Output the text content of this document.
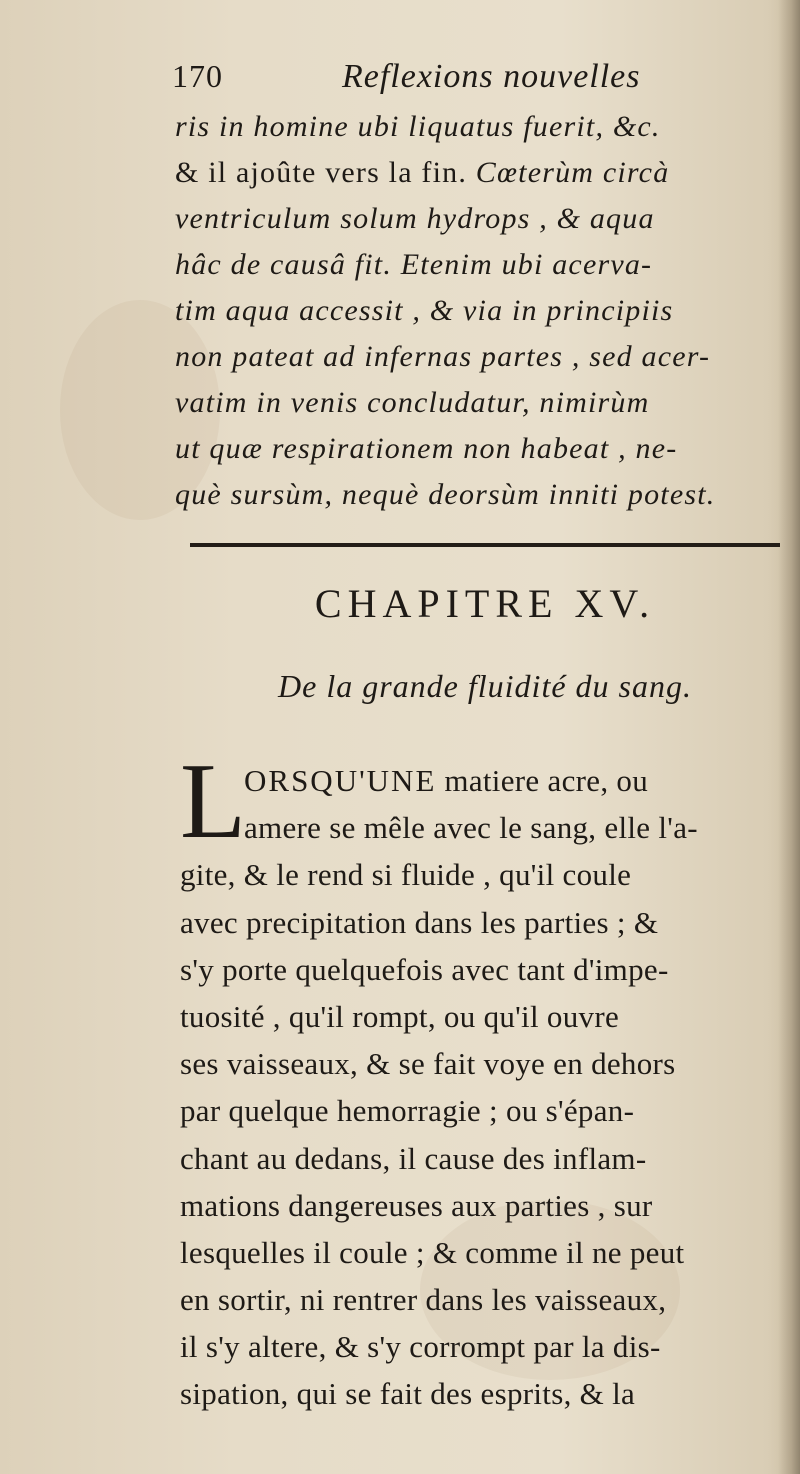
170	Reflexions nouvelles
ris in homine ubi liquatus fuerit, &c.
& il ajoûte vers la fin. Cœterùm circà
ventriculum solum hydrops , & aqua
hâc de causâ fit. Etenim ubi acerva-
tim aqua accessit , & via in principiis
non pateat ad infernas partes , sed acer-
vatim in venis concludatur, nimirùm
ut quæ respirationem non habeat , ne-
què sursùm, nequè deorsùm inniti potest.
CHAPITRE XV.
De la grande fluidité du sang.
L
ORSQU'UNE matiere acre, ou
amere se mêle avec le sang, elle l'a-
gite, & le rend si fluide , qu'il coule
avec precipitation dans les parties ; &
s'y porte quelquefois avec tant d'impe-
tuosité , qu'il rompt, ou qu'il ouvre
ses vaisseaux, & se fait voye en dehors
par quelque hemorragie ; ou s'épan-
chant au dedans, il cause des inflam-
mations dangereuses aux parties , sur
lesquelles il coule ; & comme il ne peut
en sortir, ni rentrer dans les vaisseaux,
il s'y altere, & s'y corrompt par la dis-
sipation, qui se fait des esprits, & la
